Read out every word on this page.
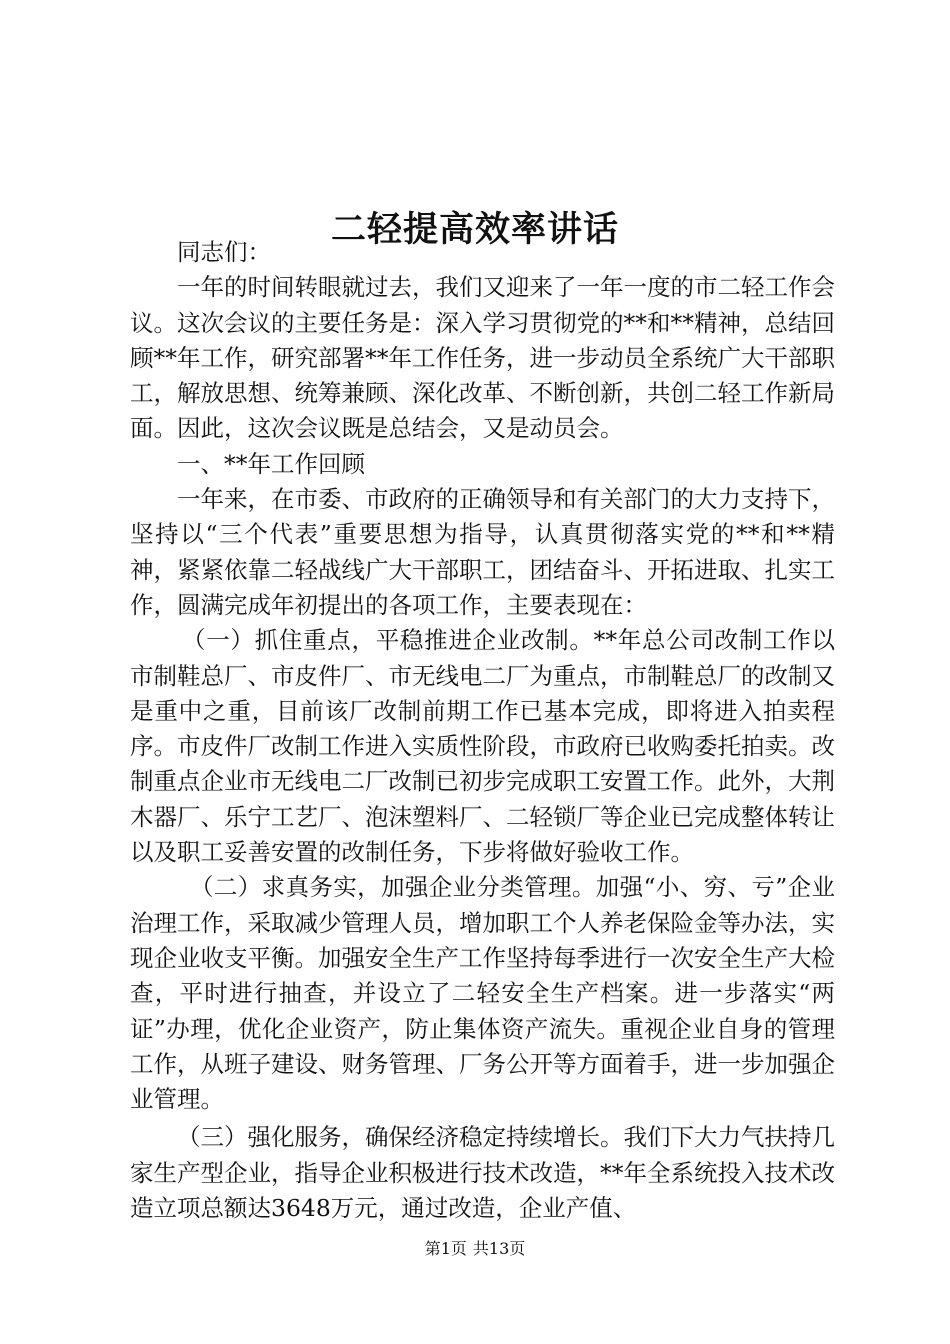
二轻提高效率讲话

同志们：

一年的时间转眼就过去，我们又迎来了一年一度的市二轻工作会议。这次会议的主要任务是：深入学习贯彻党的**和**精神，总结回顾**年工作，研究部署**年工作任务，进一步动员全系统广大干部职工，解放思想、统筹兼顾、深化改革、不断创新，共创二轻工作新局面。因此，这次会议既是总结会，又是动员会。

一、**年工作回顾

一年来，在市委、市政府的正确领导和有关部门的大力支持下，坚持以“三个代表”重要思想为指导，认真贯彻落实党的**和**精神，紧紧依靠二轻战线广大干部职工，团结奋斗、开拓进取、扎实工作，圆满完成年初提出的各项工作，主要表现在：

（一）抓住重点，平稳推进企业改制。**年总公司改制工作以市制鞋总厂、市皮件厂、市无线电二厂为重点，市制鞋总厂的改制又是重中之重，目前该厂改制前期工作已基本完成，即将进入拍卖程序。市皮件厂改制工作进入实质性阶段，市政府已收购委托拍卖。改制重点企业市无线电二厂改制已初步完成职工安置工作。此外，大荆木器厂、乐宁工艺厂、泡沫塑料厂、二轻锁厂等企业已完成整体转让以及职工妥善安置的改制任务，下步将做好验收工作。

（二）求真务实，加强企业分类管理。加强“小、穷、亏”企业治理工作，采取减少管理人员，增加职工个人养老保险金等办法，实现企业收支平衡。加强安全生产工作坚持每季进行一次安全生产大检查，平时进行抽查，并设立了二轻安全生产档案。进一步落实“两证”办理，优化企业资产，防止集体资产流失。重视企业自身的管理工作，从班子建设、财务管理、厂务公开等方面着手，进一步加强企业管理。

（三）强化服务，确保经济稳定持续增长。我们下大力气扶持几家生产型企业，指导企业积极进行技术改造，**年全系统投入技术改造立项总额达3648万元，通过改造，企业产值、

第1页 共13页
